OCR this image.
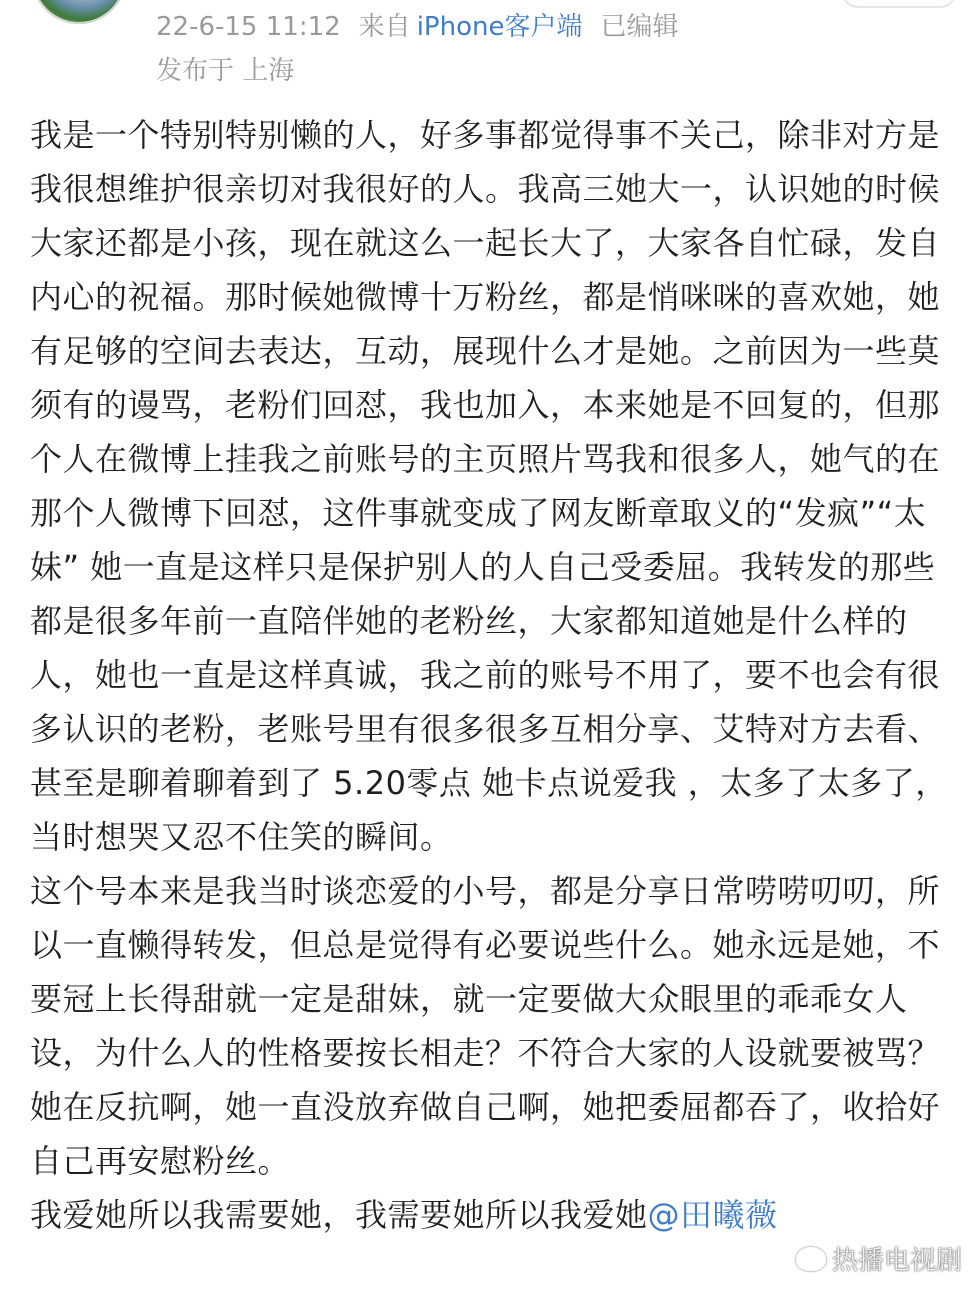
22-6-15 11:12 来自 iPhone客户端 已编辑
发布于 上海

我是一个特别特别懒的人，好多事都觉得事不关己，除非对方是我很想维护很亲切对我很好的人。我高三她大一，认识她的时候大家还都是小孩，现在就这么一起长大了，大家各自忙碌，发自内心的祝福。那时候她微博十万粉丝，都是悄咪咪的喜欢她，她有足够的空间去表达，互动，展现什么才是她。之前因为一些莫须有的谩骂，老粉们回怼，我也加入，本来她是不回复的，但那个人在微博上挂我之前账号的主页照片骂我和很多人，她气的在那个人微博下回怼，这件事就变成了网友断章取义的“发疯”“太妹” 她一直是这样只是保护别人的人自己受委屈。我转发的那些都是很多年前一直陪伴她的老粉丝，大家都知道她是什么样的人，她也一直是这样真诚，我之前的账号不用了，要不也会有很多认识的老粉，老账号里有很多很多互相分享、艾特对方去看、甚至是聊着聊着到了 5.20零点 她卡点说爱我 ，太多了太多了，当时想哭又忍不住笑的瞬间。

这个号本来是我当时谈恋爱的小号，都是分享日常唠唠叨叨，所以一直懒得转发，但总是觉得有必要说些什么。她永远是她，不要冠上长得甜就一定是甜妹，就一定要做大众眼里的乖乖女人设，为什么人的性格要按长相走？不符合大家的人设就要被骂？她在反抗啊，她一直没放弃做自己啊，她把委屈都吞了，收拾好自己再安慰粉丝。

我爱她所以我需要她，我需要她所以我爱她@田曦薇

热播电视剧
